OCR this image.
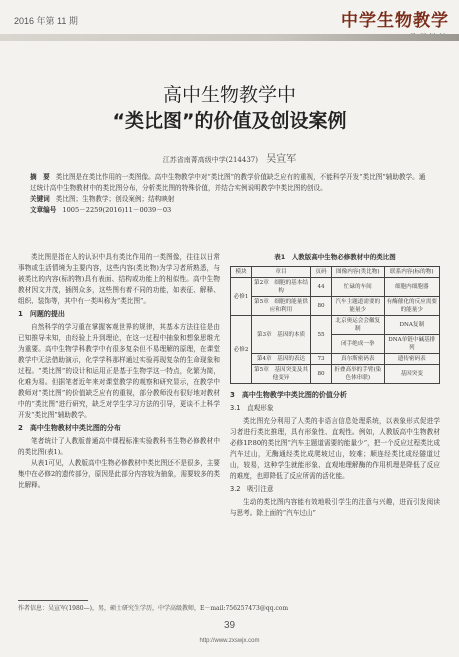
2016 年第 11 期	中学生物教学
高中生物教学中
“类比图”的价值及创设案例
江苏省南菁高级中学(214437) 吴宣军
摘　要 类比图是在类比作用的一类图像。高中生物教学中对“类比图”的教学价值缺乏应有的重视，不能科学开发“类比图”辅助教学。通过统计高中生物教材中的类比图分布，分析类比图的特殊价值，并结合实例说明教学中类比图的创设。
关键词 类比图；生物教学；创设案例；结构映射
文章编号 1005－2259(2016)11－0039－03

类比图是指在人的认识中具有类比作用的一类图像，往往以日常事物或生活情境为主要内容，这些内容(类比物)为学习者所熟悉，与被类比的内容(标的物)具有表面、结构或功能上的相似性。高中生物教材因文并茂，插图众多，这些图有着不同的功能，如表征、解释、组织、装饰等，其中有一类叫称为“类比图”。

1　问题的提出

自然科学的学习重在掌握客观世界的规律，其基本方法往往是由已知推导未知，由经验上升到理论，在这一过程中抽象和想象思维尤为重要。高中生物学科教学中有很多复杂但不易理解的原理，在课堂教学中无法借助演示，化学学科那样通过实验再现复杂的生命现象和过程。“类比图”的设计和运用正是基于生物学这一特点，化繁为简，化难为易。但据笔者近年来对课堂教学的观察和研究显示，在教学中教师对“类比图”的价值缺乏应有的重视，部分教师没有很好地对教材中的“类比图”进行研究，缺乏对学生学习方法的引导，更谈不上科学开发“类比图”辅助教学。

2　高中生物教材中类比图的分布

笔者统计了人教版普通高中课程标准实验教科书生物必修教材中的类比图(表1)。

从表1可见，人教版高中生物必修教材中类比图还不是很多，主要集中在必修2的遗传部分，原因是此部分内容较为抽象，需要较多的类比解释。

表1　人教版高中生物必修教材中的类比图
模块	章目	页码	图像内容(类比物)	联系内容(标的物)
必修1	第2章　细胞的基本结构	44	忙碌的车间	细胞内细胞器
	第5章　细胞的能量供应和利用	80	汽车主题道需要的能量少	有酶催化的反应需要的能量少
必修2	第3章　基因的本质	55	北京奥运会会徽复制	DNA复制
			闭手绝成一拳	DNA单链中碱基排列
	第4章　基因的表达	73	真尔斯密码表	遗传密码表
	第5章　基因突变及其他变异	80	折叠高举的手臂(染色体串联)	基因突变
3　高中生物教学中类比图的价值分析
3.1　直观形象

类比图充分利用了人类的非语言信息处理系统，以表象形式促进学习者进行类比推理，具有形象性、直观性。例如，人教版高中生物教材必修1P.80的类比图“汽车主题道需要的能量少”，把一个反应过程类比成汽车过山，无酶通经类比成爬坡过山，较难；顺连经类比成经隧道过山，较易，这种学生就能形象、直观地理解酶的作用机理是降低了反应的难度，也即降低了反应所需的活化能。

3.2　吸引注意

生动的类比图内容能有效地吸引学生的注意与兴趣，进而引发阅读与思考。除上面的“汽车过山”

作者信息：吴宣军(1980—)，男，硕士研究生学历，中学高级教师，E－mail:756257473@qq.com
39
http://www.zxswjx.com
